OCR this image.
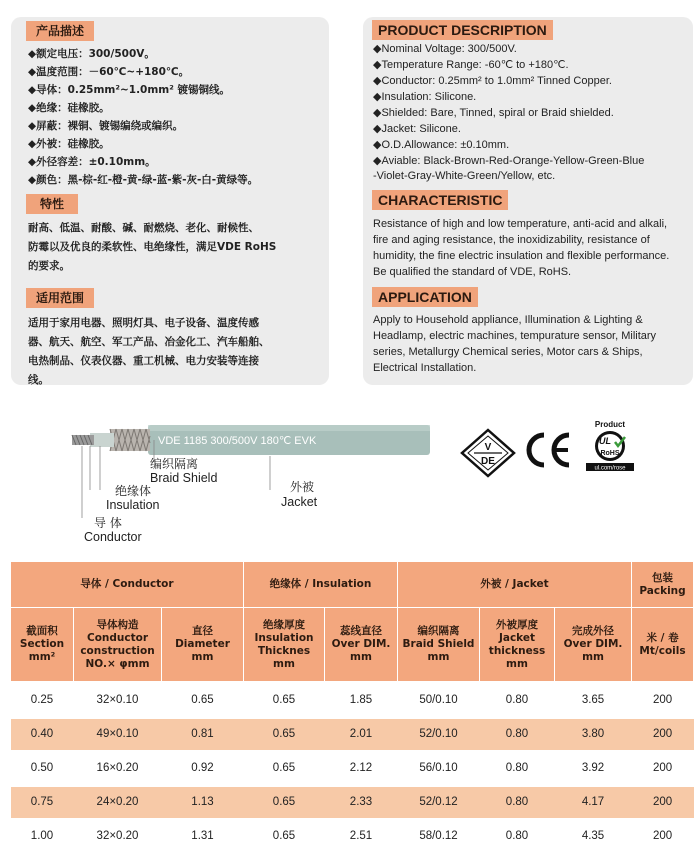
产品描述
◆额定电压：300/500V。
◆温度范围：－60℃~+180℃。
◆导体：0.25mm²~1.0mm² 镀锡铜线。
◆绝缘：硅橡胶。
◆屏蔽：裸铜、镀锡编绕或编织。
◆外被：硅橡胶。
◆外径容差：±0.10mm。
◆颜色：黑-棕-红-橙-黄-绿-蓝-紫-灰-白-黄绿等。
特性
耐高、低温、耐酸、碱、耐燃烧、老化、耐候性、
防霉以及优良的柔软性、电绝缘性，满足VDE RoHS
的要求。
适用范围
适用于家用电器、照明灯具、电子设备、温度传感
器、航天、航空、军工产品、冶金化工、汽车船舶、
电热制品、仪表仪器、重工机械、电力安装等连接
线。
PRODUCT DESCRIPTION
◆Nominal Voltage: 300/500V.
◆Temperature Range: -60℃ to +180℃.
◆Conductor: 0.25mm² to 1.0mm² Tinned Copper.
◆Insulation: Silicone.
◆Shielded: Bare, Tinned, spiral or Braid shielded.
◆Jacket: Silicone.
◆O.D.Allowance: ±0.10mm.
◆Aviable: Black-Brown-Red-Orange-Yellow-Green-Blue
-Violet-Gray-White-Green/Yellow, etc.
CHARACTERISTIC
Resistance of high and low temperature, anti-acid and alkali,
fire and aging resistance, the inoxidizability, resistance of
humidity, the fine electric insulation and flexible performance.
Be qualified the standard of VDE, RoHS.
APPLICATION
Apply to Household appliance, Illumination & Lighting &
Headlamp, electric machines, tempurature sensor, Military
series, Metallurgy Chemical series, Motor cars & Ships,
Electrical Installation.
VDE 1185 300/500V 180℃ EVK
编织隔离
Braid Shield
外被
Jacket
绝缘体
Insulation
导 体
Conductor
V
DE
Product
UL
RoHS
ul.com/rose
导体 / Conductor			绝缘体 / Insulation		外被 / Jacket			包装
Packing

截面积
Section
mm²	导体构造
Conductor
construction
NO.× φmm	直径
Diameter
mm	绝缘厚度
Insulation
Thicknes
mm	蕊线直径
Over DIM.
mm	编织隔离
Braid Shield
mm	外被厚度
Jacket
thickness
mm	完成外径
Over DIM.
mm	米 / 卷
Mt/coils

0.25	32×0.10	0.65	0.65	1.85	50/0.10	0.80	3.65	200

0.40	49×0.10	0.81	0.65	2.01	52/0.10	0.80	3.80	200

0.50	16×0.20	0.92	0.65	2.12	56/0.10	0.80	3.92	200

0.75	24×0.20	1.13	0.65	2.33	52/0.12	0.80	4.17	200

1.00	32×0.20	1.31	0.65	2.51	58/0.12	0.80	4.35	200
